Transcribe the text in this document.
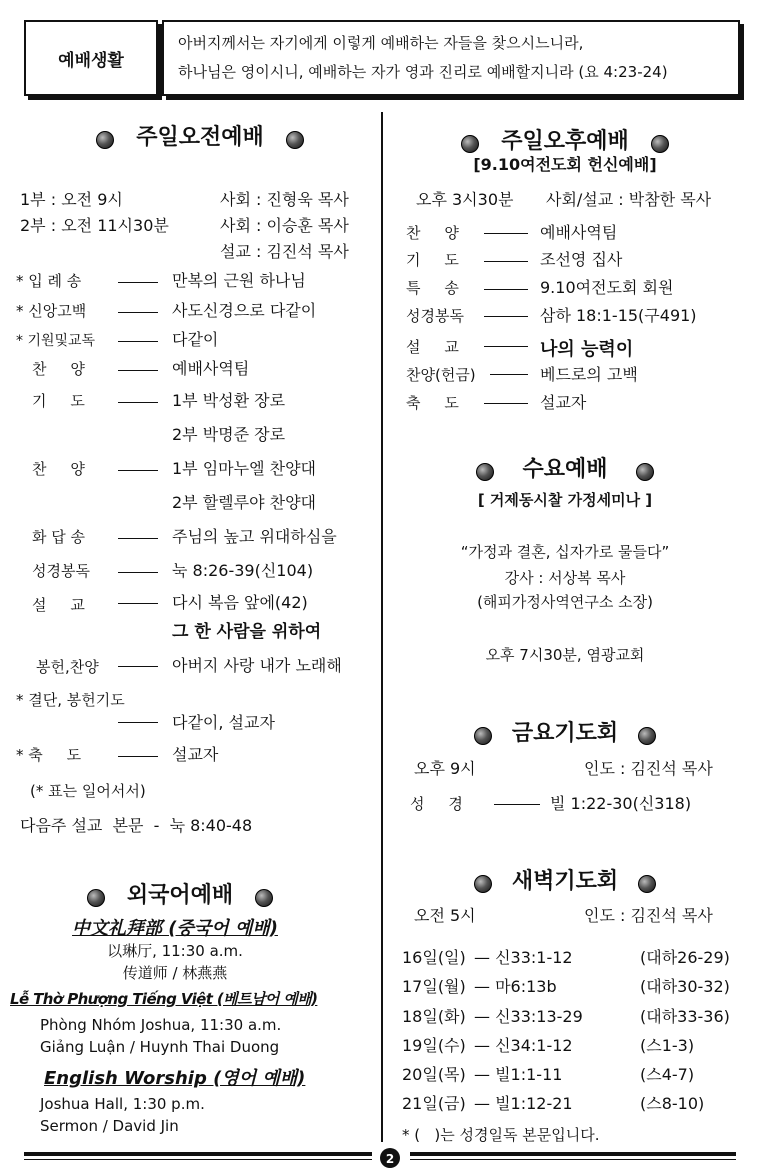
예배생활
아버지께서는 자기에게 이렇게 예배하는 자들을 찾으시느니라,
하나님은 영이시니, 예배하는 자가 영과 진리로 예배할지니라 (요 4:23-24)
주일오전예배
1부 : 오전 9시	사회 : 진형욱 목사
2부 : 오전 11시30분	사회 : 이승훈 목사
설교 : 김진석 목사
* 입 례 송	만복의 근원 하나님
* 신앙고백	사도신경으로 다같이
* 기원및교독	다같이
찬     양	예배사역팀
기     도	1부 박성환 장로
2부 박명준 장로
찬     양	1부 임마누엘 찬양대
2부 할렐루야 찬양대
화 답 송	주님의 높고 위대하심을
성경봉독	눅 8:26-39(신104)
설     교	다시 복음 앞에(42)
그 한 사람을 위하여
봉헌,찬양	아버지 사랑 내가 노래해
* 결단, 봉헌기도
다같이, 설교자
* 축     도	설교자
(* 표는 일어서서)
다음주 설교  본문  -  눅 8:40-48
외국어예배
中文礼拜部 (중국어 예배)
以琳厅, 11:30 a.m.
传道师 / 林燕燕
Lễ Thờ Phượng Tiếng Việt (베트남어 예배)
Phòng Nhóm Joshua, 11:30 a.m.
Giảng Luận / Huynh Thai Duong
English Worship (영어 예배)
Joshua Hall, 1:30 p.m.
Sermon / David Jin
주일오후예배
[9.10여전도회 헌신예배]
오후 3시30분 사회/설교 : 박참한 목사
찬     양	예배사역팀
기     도	조선영 집사
특     송	9.10여전도회 회원
성경봉독	삼하 18:1-15(구491)
설     교	나의 능력이
찬양(헌금)	베드로의 고백
축     도	설교자
수요예배
[ 거제동시찰 가정세미나 ]
“가정과 결혼, 십자가로 물들다”
강사 : 서상복 목사
(해피가정사역연구소 소장)
오후 7시30분, 염광교회
금요기도회
오후 9시	인도 : 김진석 목사
성     경	빌 1:22-30(신318)
새벽기도회
오전 5시	인도 : 김진석 목사
16일(일) — 신33:1-12	(대하26-29)
17일(월) — 마6:13b	(대하30-32)
18일(화) — 신33:13-29	(대하33-36)
19일(수) — 신34:1-12	(스1-3)
20일(목) — 빌1:1-11	(스4-7)
21일(금) — 빌1:12-21	(스8-10)
* (   )는 성경일독 본문입니다.
2
